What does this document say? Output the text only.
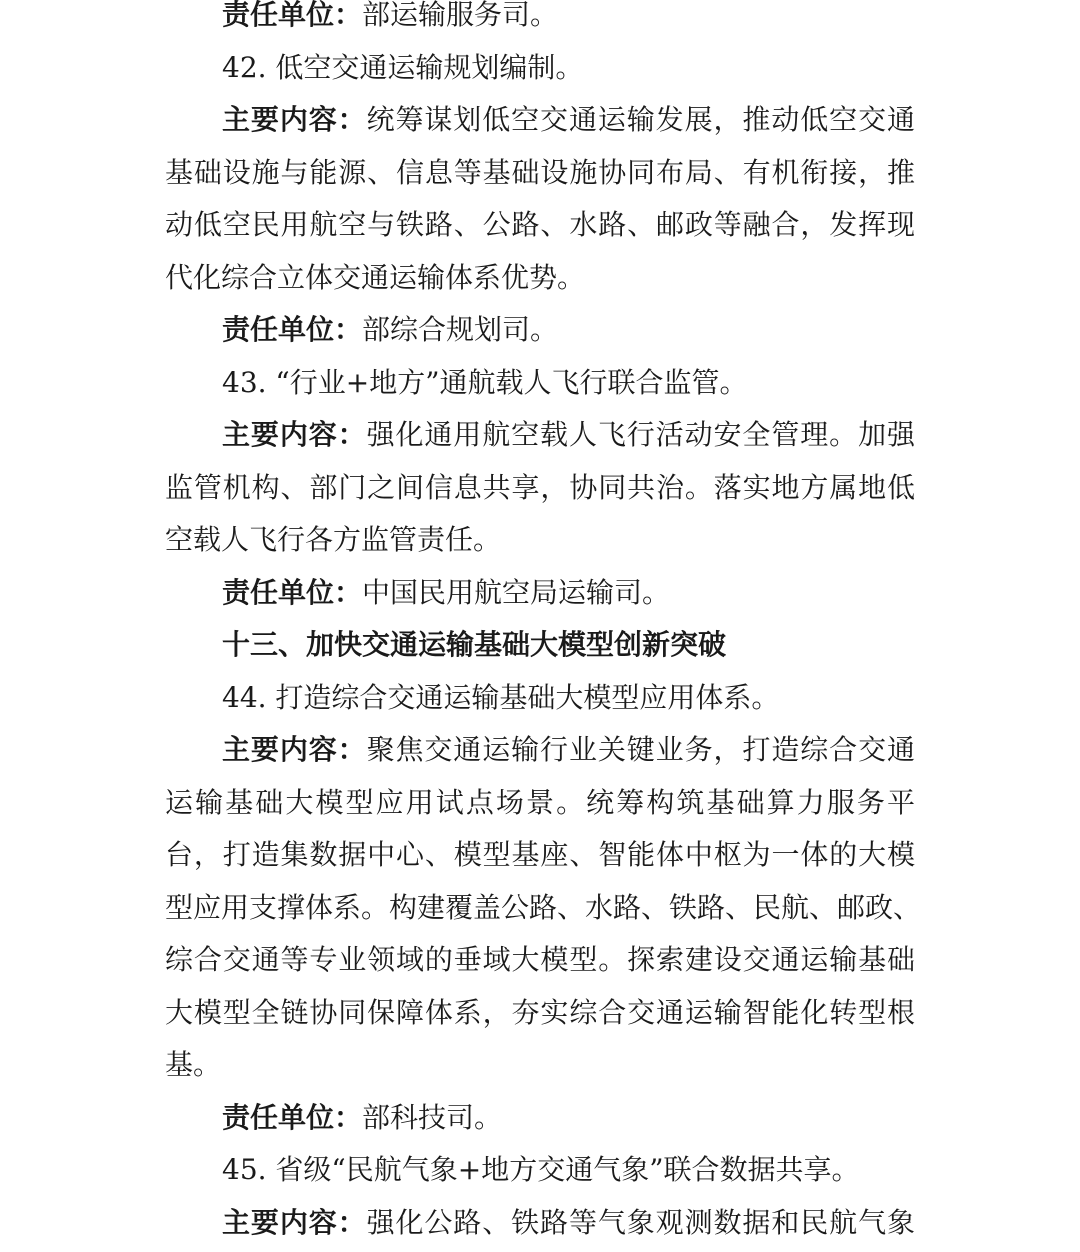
责任单位：部运输服务司。
42. 低空交通运输规划编制。
主要内容：统筹谋划低空交通运输发展，推动低空交通
基础设施与能源、信息等基础设施协同布局、有机衔接，推
动低空民用航空与铁路、公路、水路、邮政等融合，发挥现
代化综合立体交通运输体系优势。
责任单位：部综合规划司。
43. “行业+地方”通航载人飞行联合监管。
主要内容：强化通用航空载人飞行活动安全管理。加强
监管机构、部门之间信息共享，协同共治。落实地方属地低
空载人飞行各方监管责任。
责任单位：中国民用航空局运输司。
十三、加快交通运输基础大模型创新突破
44. 打造综合交通运输基础大模型应用体系。
主要内容：聚焦交通运输行业关键业务，打造综合交通
运输基础大模型应用试点场景。统筹构筑基础算力服务平
台，打造集数据中心、模型基座、智能体中枢为一体的大模
型应用支撑体系。构建覆盖公路、水路、铁路、民航、邮政、
综合交通等专业领域的垂域大模型。探索建设交通运输基础
大模型全链协同保障体系，夯实综合交通运输智能化转型根
基。
责任单位：部科技司。
45. 省级“民航气象+地方交通气象”联合数据共享。
主要内容：强化公路、铁路等气象观测数据和民航气象
